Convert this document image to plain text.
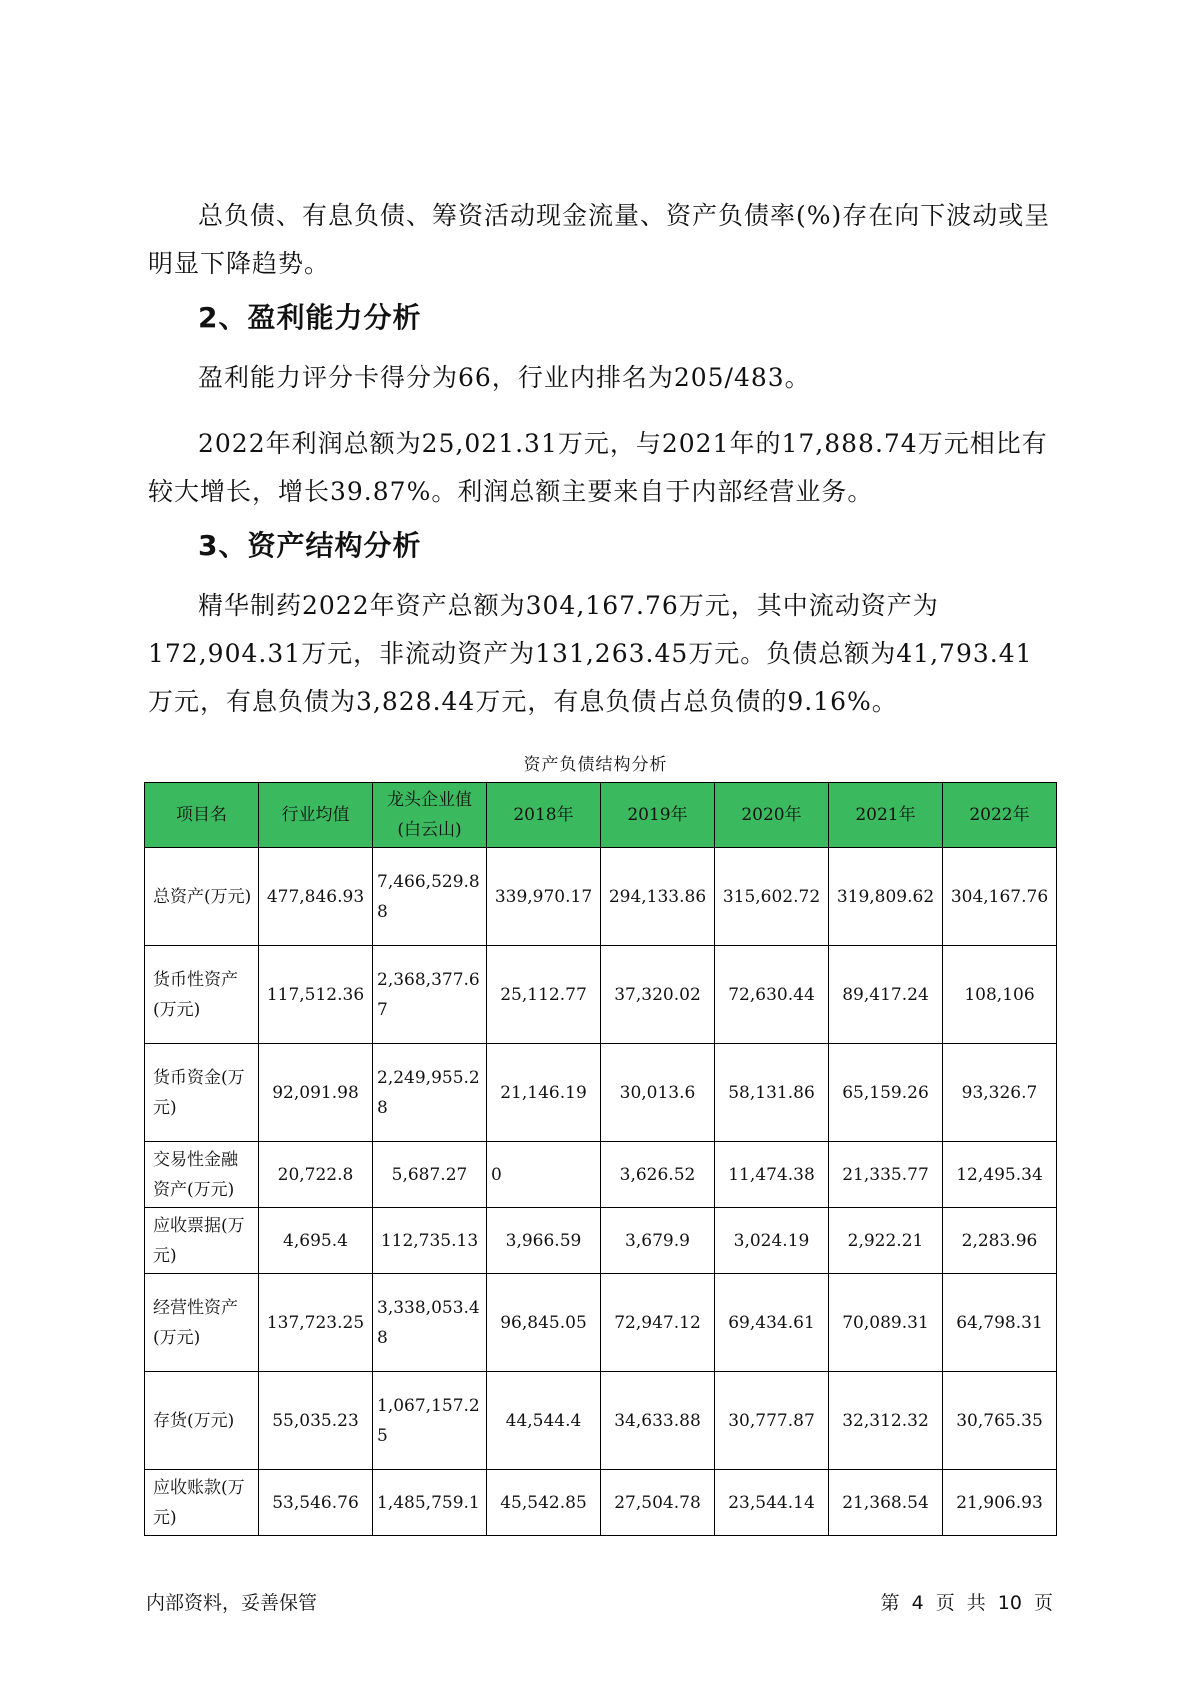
总负债、有息负债、筹资活动现金流量、资产负债率(%)存在向下波动或呈明显下降趋势。

2、盈利能力分析

盈利能力评分卡得分为66，行业内排名为205/483。

2022年利润总额为25,021.31万元，与2021年的17,888.74万元相比有较大增长，增长39.87%。利润总额主要来自于内部经营业务。

3、资产结构分析

精华制药2022年资产总额为304,167.76万元，其中流动资产为172,904.31万元，非流动资产为131,263.45万元。负债总额为41,793.41万元，有息负债为3,828.44万元，有息负债占总负债的9.16%。

资产负债结构分析
项目名	行业均值	龙头企业值(白云山)	2018年	2019年	2020年	2021年	2022年
总资产(万元)	477,846.93	7,466,529.88	339,970.17	294,133.86	315,602.72	319,809.62	304,167.76
货币性资产(万元)	117,512.36	2,368,377.67	25,112.77	37,320.02	72,630.44	89,417.24	108,106
货币资金(万元)	92,091.98	2,249,955.28	21,146.19	30,013.6	58,131.86	65,159.26	93,326.7
交易性金融资产(万元)	20,722.8	5,687.27	0	3,626.52	11,474.38	21,335.77	12,495.34
应收票据(万元)	4,695.4	112,735.13	3,966.59	3,679.9	3,024.19	2,922.21	2,283.96
经营性资产(万元)	137,723.25	3,338,053.48	96,845.05	72,947.12	69,434.61	70,089.31	64,798.31
存货(万元)	55,035.23	1,067,157.25	44,544.4	34,633.88	30,777.87	32,312.32	30,765.35
应收账款(万元)	53,546.76	1,485,759.1	45,542.85	27,504.78	23,544.14	21,368.54	21,906.93
内部资料，妥善保管	第 4 页 共 10 页
